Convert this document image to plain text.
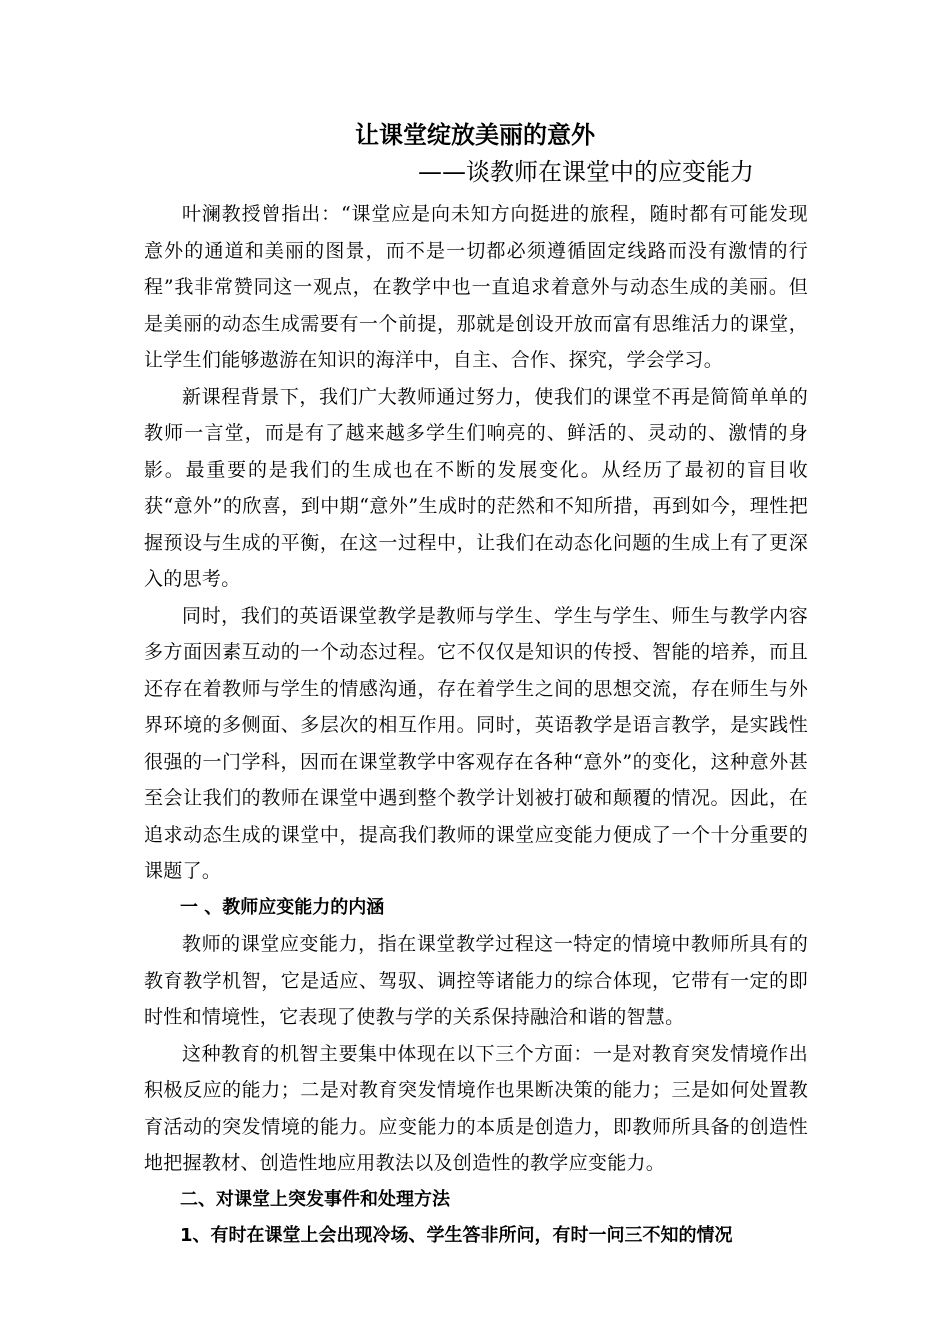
让课堂绽放美丽的意外
——谈教师在课堂中的应变能力

叶澜教授曾指出：“课堂应是向未知方向挺进的旅程，随时都有可能发现意外的通道和美丽的图景，而不是一切都必须遵循固定线路而没有激情的行程”我非常赞同这一观点，在教学中也一直追求着意外与动态生成的美丽。但是美丽的动态生成需要有一个前提，那就是创设开放而富有思维活力的课堂，让学生们能够遨游在知识的海洋中，自主、合作、探究，学会学习。

新课程背景下，我们广大教师通过努力，使我们的课堂不再是简简单单的教师一言堂，而是有了越来越多学生们响亮的、鲜活的、灵动的、激情的身影。最重要的是我们的生成也在不断的发展变化。从经历了最初的盲目收获“意外”的欣喜，到中期“意外”生成时的茫然和不知所措，再到如今，理性把握预设与生成的平衡，在这一过程中，让我们在动态化问题的生成上有了更深入的思考。

同时，我们的英语课堂教学是教师与学生、学生与学生、师生与教学内容多方面因素互动的一个动态过程。它不仅仅是知识的传授、智能的培养，而且还存在着教师与学生的情感沟通，存在着学生之间的思想交流，存在师生与外界环境的多侧面、多层次的相互作用。同时，英语教学是语言教学，是实践性很强的一门学科，因而在课堂教学中客观存在各种“意外”的变化，这种意外甚至会让我们的教师在课堂中遇到整个教学计划被打破和颠覆的情况。因此，在追求动态生成的课堂中，提高我们教师的课堂应变能力便成了一个十分重要的课题了。

一 、教师应变能力的内涵

教师的课堂应变能力，指在课堂教学过程这一特定的情境中教师所具有的教育教学机智，它是适应、驾驭、调控等诸能力的综合体现，它带有一定的即时性和情境性，它表现了使教与学的关系保持融洽和谐的智慧。

这种教育的机智主要集中体现在以下三个方面：一是对教育突发情境作出积极反应的能力；二是对教育突发情境作也果断决策的能力；三是如何处置教育活动的突发情境的能力。应变能力的本质是创造力，即教师所具备的创造性地把握教材、创造性地应用教法以及创造性的教学应变能力。

二、对课堂上突发事件和处理方法

1、有时在课堂上会出现冷场、学生答非所问，有时一问三不知的情况
